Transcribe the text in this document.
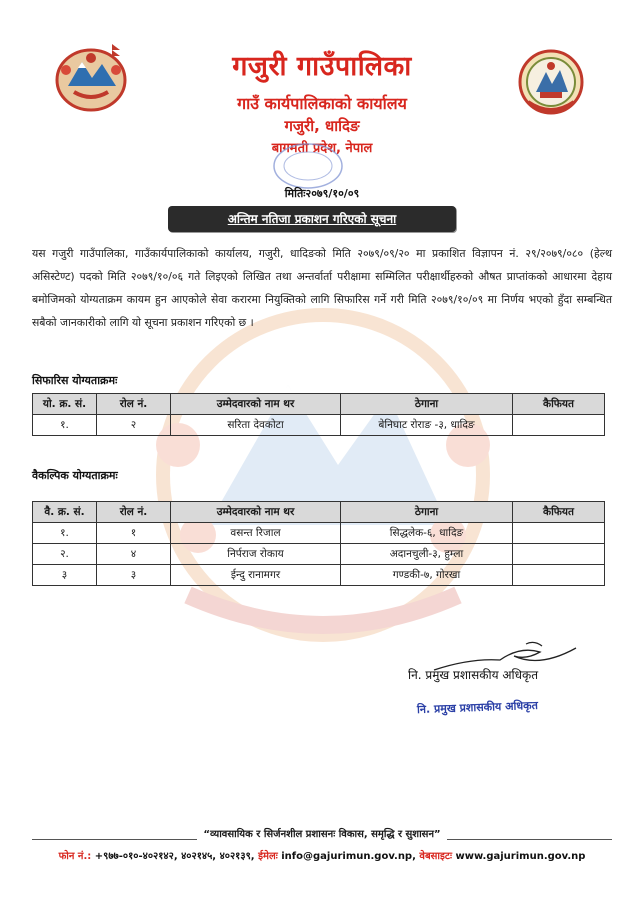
गजुरी गाउँपालिका
गाउँ कार्यपालिकाको कार्यालय
गजुरी, धादिङ
बागमती प्रदेश, नेपाल
मितिः२०७९/१०/०९
अन्तिम नतिजा प्रकाशन गरिएको सूचना
यस गजुरी गाउँपालिका, गाउँकार्यपालिकाको कार्यालय, गजुरी, धादिङको मिति २०७९/०९/२० मा प्रकाशित विज्ञापन नं. २९/२०७९/०८० (हेल्थ असिस्टेण्ट) पदको मिति २०७९/१०/०६ गते लिइएको लिखित तथा अन्तर्वार्ता परीक्षामा सम्मिलित परीक्षार्थीहरुको औषत प्राप्तांकको आधारमा देहाय बमोजिमको योग्यताक्रम कायम हुन आएकोले सेवा करारमा नियुक्तिको लागि सिफारिस गर्ने गरी मिति २०७९/१०/०९ मा निर्णय भएको हुँदा सम्बन्धित सबैको जानकारीको लागि यो सूचना प्रकाशन गरिएको छ ।
सिफारिस योग्यताक्रमः
यो. क्र. सं.	रोल नं.	उम्मेदवारको नाम थर	ठेगाना	कैफियत
१.	२	सरिता देवकोटा	बेनिघाट रोराङ -३, धादिङ	
वैकल्पिक योग्यताक्रमः
वै. क्र. सं.	रोल नं.	उम्मेदवारको नाम थर	ठेगाना	कैफियत
१.	१	वसन्त रिजाल	सिद्धलेक-६, धादिङ	
२.	४	निर्पराज रोकाय	अदानचुली-३, हुम्ला	
३	३	ईन्दु रानामगर	गण्डकी-७, गोरखा	
नि. प्रमुख प्रशासकीय अधिकृत
नि. प्रमुख प्रशासकीय अधिकृत
“व्यावसायिक र सिर्जनशील प्रशासनः विकास, समृद्धि र सुशासन”
फोन नं.: +९७७-०१०-४०२१४२, ४०२१४५, ४०२१३९, ईमेलः info@gajurimun.gov.np, वेबसाइटः www.gajurimun.gov.np
